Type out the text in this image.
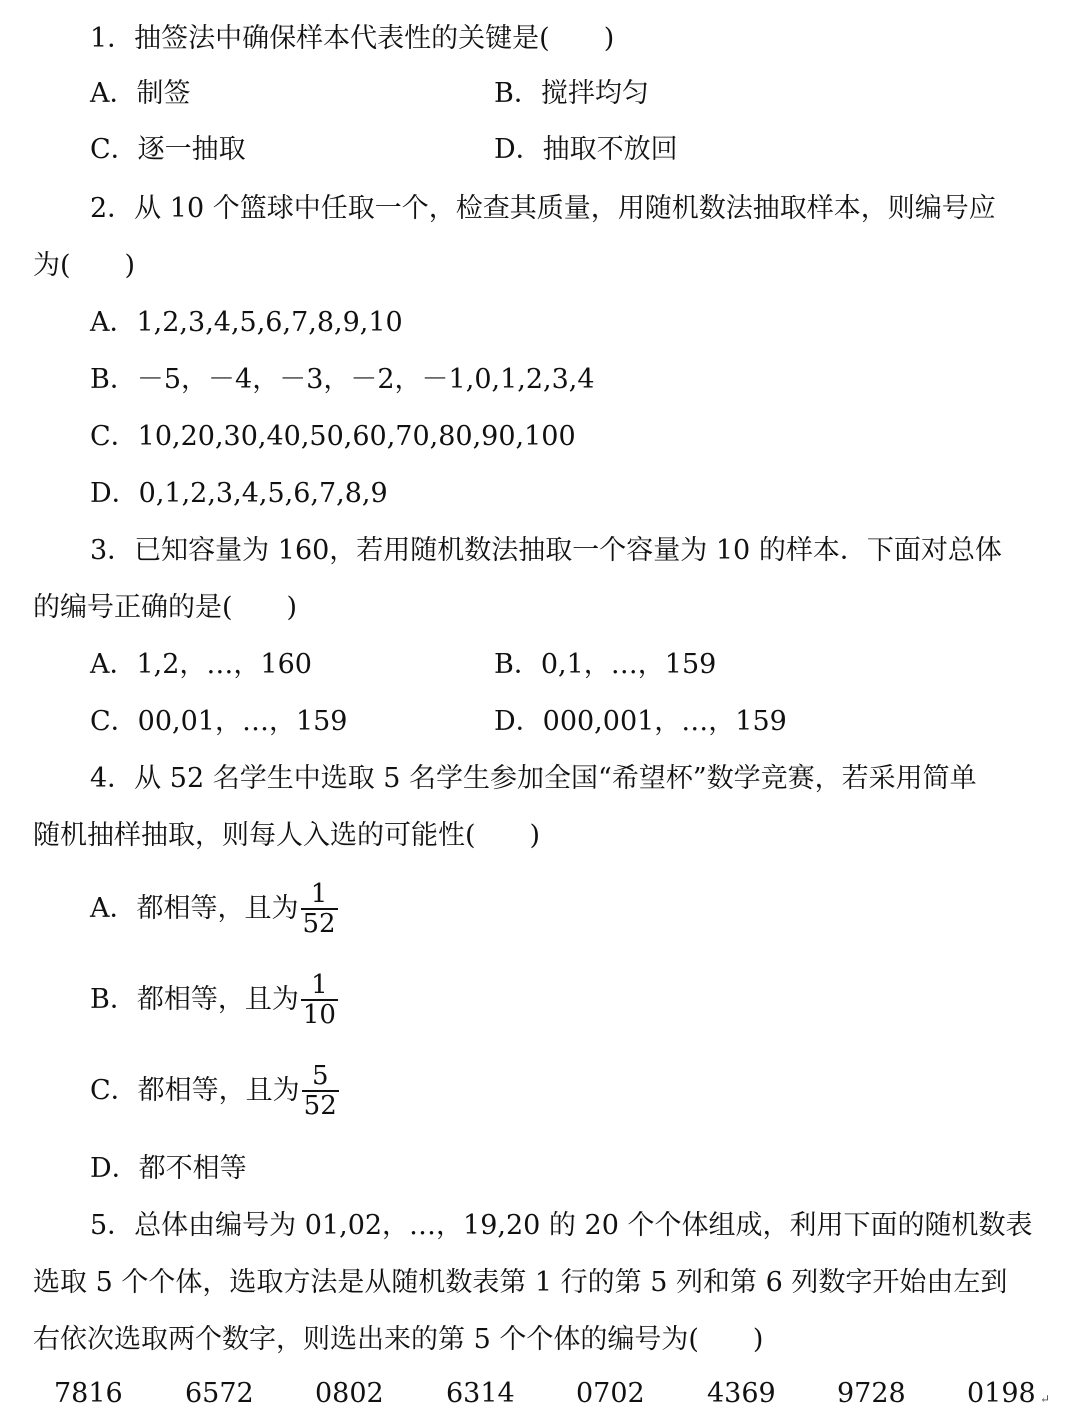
1．抽签法中确保样本代表性的关键是(　　)
A．制签	B．搅拌均匀
C．逐一抽取	D．抽取不放回
2．从 10 个篮球中任取一个，检查其质量，用随机数法抽取样本，则编号应
为(　　)
A．1,2,3,4,5,6,7,8,9,10
B．－5，－4，－3，－2，－1,0,1,2,3,4
C．10,20,30,40,50,60,70,80,90,100
D．0,1,2,3,4,5,6,7,8,9
3．已知容量为 160，若用随机数法抽取一个容量为 10 的样本．下面对总体
的编号正确的是(　　)
A．1,2，…，160	B．0,1，…，159
C．00,01，…，159	D．000,001，…，159
4．从 52 名学生中选取 5 名学生参加全国“希望杯”数学竞赛，若采用简单
随机抽样抽取，则每人入选的可能性(　　)
A．都相等，且为 $\frac{1}{52}$
B．都相等，且为 $\frac{1}{10}$
C．都相等，且为 $\frac{5}{52}$
D．都不相等
5．总体由编号为 01,02，…，19,20 的 20 个个体组成，利用下面的随机数表
选取 5 个个体，选取方法是从随机数表第 1 行的第 5 列和第 6 列数字开始由左到
右依次选取两个数字，则选出来的第 5 个个体的编号为(　　)
7816 6572 0802 6314 0702 4369 9728 0198 ↵
